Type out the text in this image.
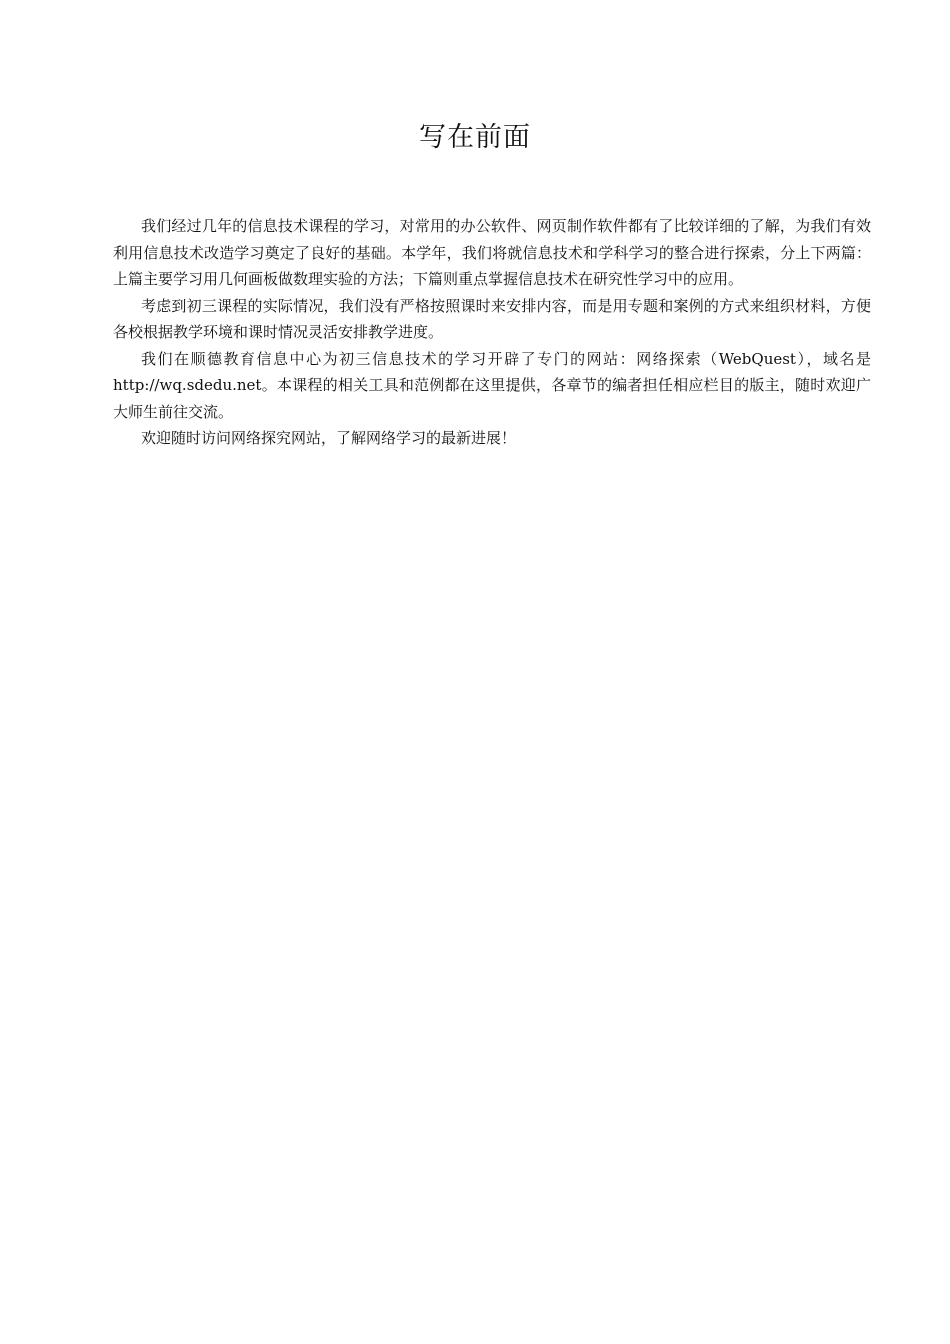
写在前面

我们经过几年的信息技术课程的学习，对常用的办公软件、网页制作软件都有了比较详细的了解，为我们有效利用信息技术改造学习奠定了良好的基础。本学年，我们将就信息技术和学科学习的整合进行探索，分上下两篇：上篇主要学习用几何画板做数理实验的方法；下篇则重点掌握信息技术在研究性学习中的应用。

考虑到初三课程的实际情况，我们没有严格按照课时来安排内容，而是用专题和案例的方式来组织材料，方便各校根据教学环境和课时情况灵活安排教学进度。

我们在顺德教育信息中心为初三信息技术的学习开辟了专门的网站：网络探索（WebQuest），域名是 http://wq.sdedu.net。本课程的相关工具和范例都在这里提供，各章节的编者担任相应栏目的版主，随时欢迎广大师生前往交流。

欢迎随时访问网络探究网站，了解网络学习的最新进展！
